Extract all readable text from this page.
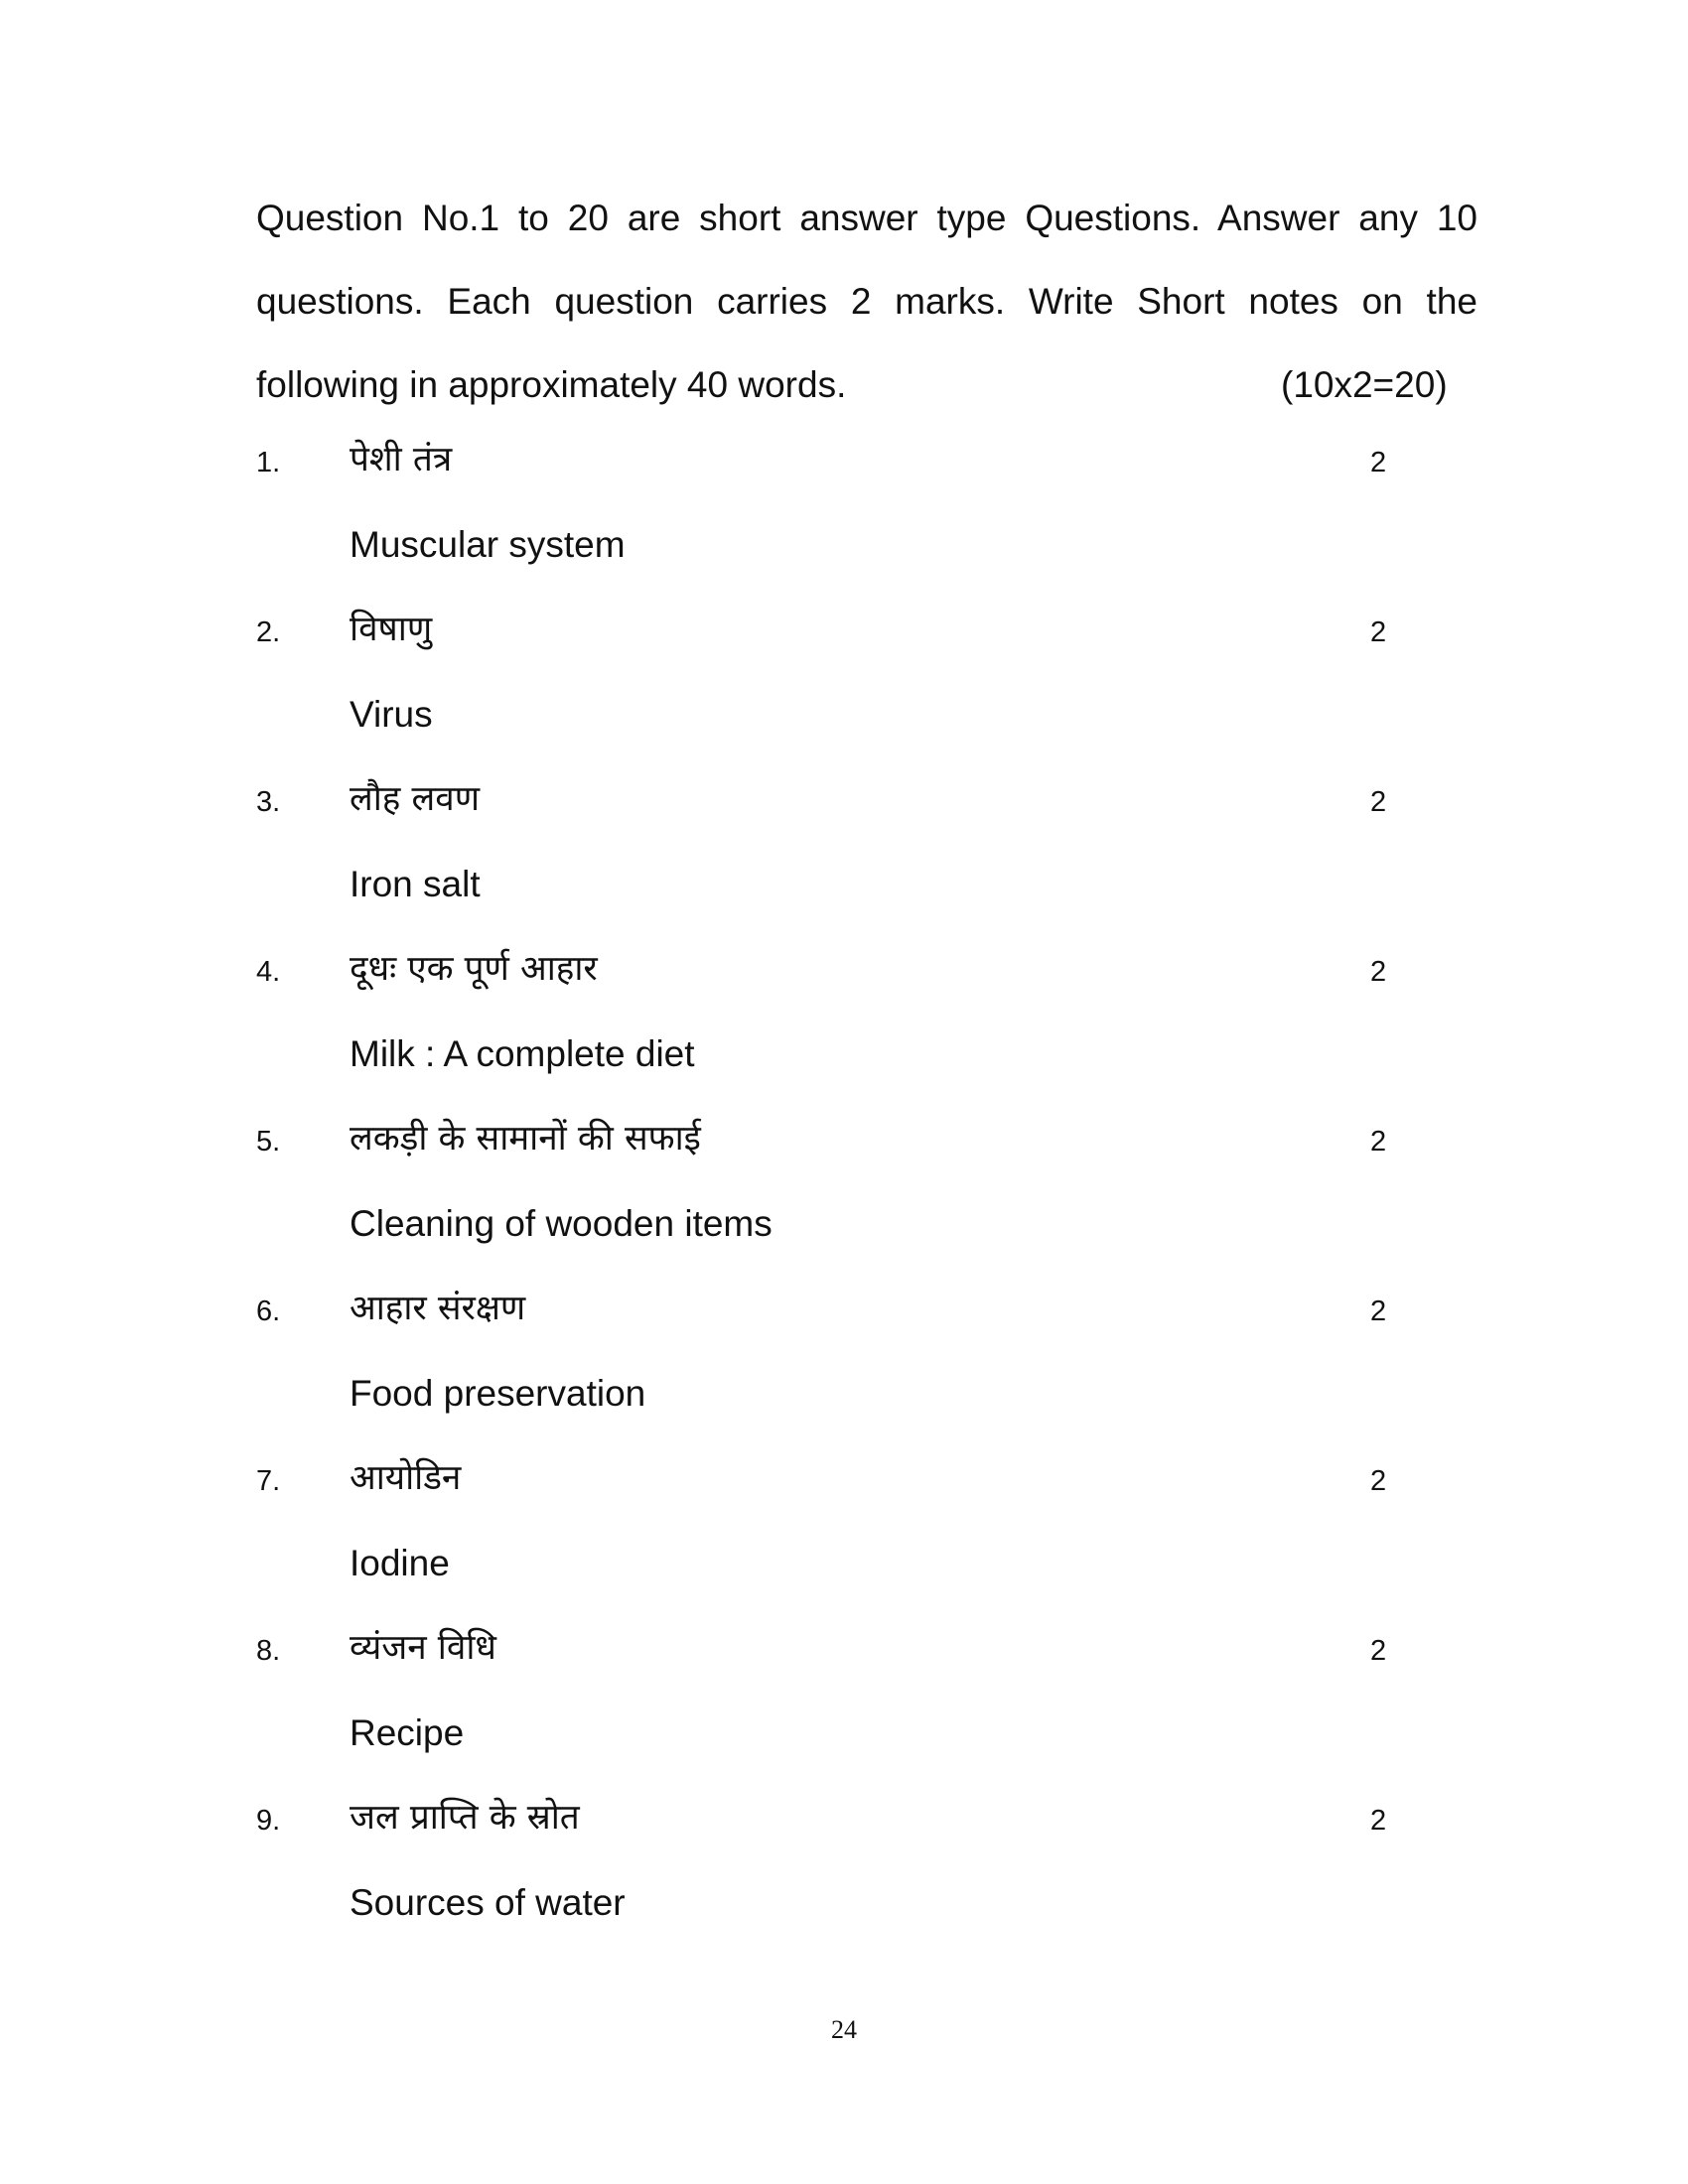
Question No.1 to 20 are short answer type Questions. Answer any 10
questions. Each question carries 2 marks. Write Short notes on the
following in approximately 40 words.	(10x2=20)
1. पेशी तंत्र	2
Muscular system
2. विषाणु	2
Virus
3. लौह लवण	2
Iron salt
4. दूधः एक पूर्ण आहार	2
Milk : A complete diet
5. लकड़ी के सामानों की सफाई	2
Cleaning of wooden items
6. आहार संरक्षण	2
Food preservation
7. आयोडिन	2
Iodine
8. व्यंजन विधि	2
Recipe
9. जल प्राप्ति के स्रोत	2
Sources of water
24
